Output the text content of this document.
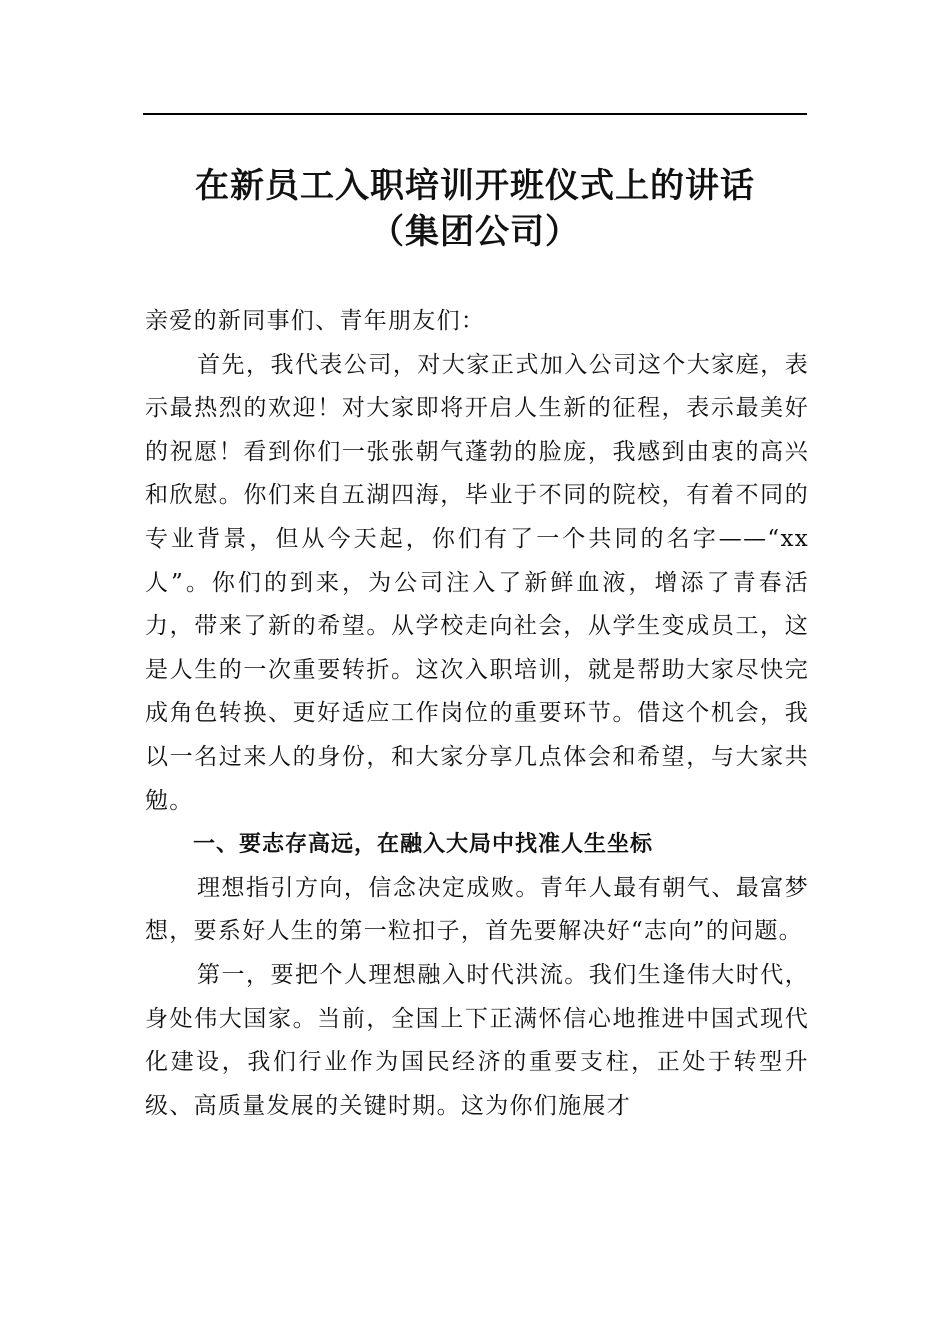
在新员工入职培训开班仪式上的讲话
（集团公司）

亲爱的新同事们、青年朋友们：

首先，我代表公司，对大家正式加入公司这个大家庭，表示最热烈的欢迎！对大家即将开启人生新的征程，表示最美好的祝愿！看到你们一张张朝气蓬勃的脸庞，我感到由衷的高兴和欣慰。你们来自五湖四海，毕业于不同的院校，有着不同的专业背景，但从今天起，你们有了一个共同的名字——“xx人”。你们的到来，为公司注入了新鲜血液，增添了青春活力，带来了新的希望。从学校走向社会，从学生变成员工，这是人生的一次重要转折。这次入职培训，就是帮助大家尽快完成角色转换、更好适应工作岗位的重要环节。借这个机会，我以一名过来人的身份，和大家分享几点体会和希望，与大家共勉。

一、要志存高远，在融入大局中找准人生坐标

理想指引方向，信念决定成败。青年人最有朝气、最富梦想，要系好人生的第一粒扣子，首先要解决好“志向”的问题。

第一，要把个人理想融入时代洪流。我们生逢伟大时代，身处伟大国家。当前，全国上下正满怀信心地推进中国式现代化建设，我们行业作为国民经济的重要支柱，正处于转型升级、高质量发展的关键时期。这为你们施展才
